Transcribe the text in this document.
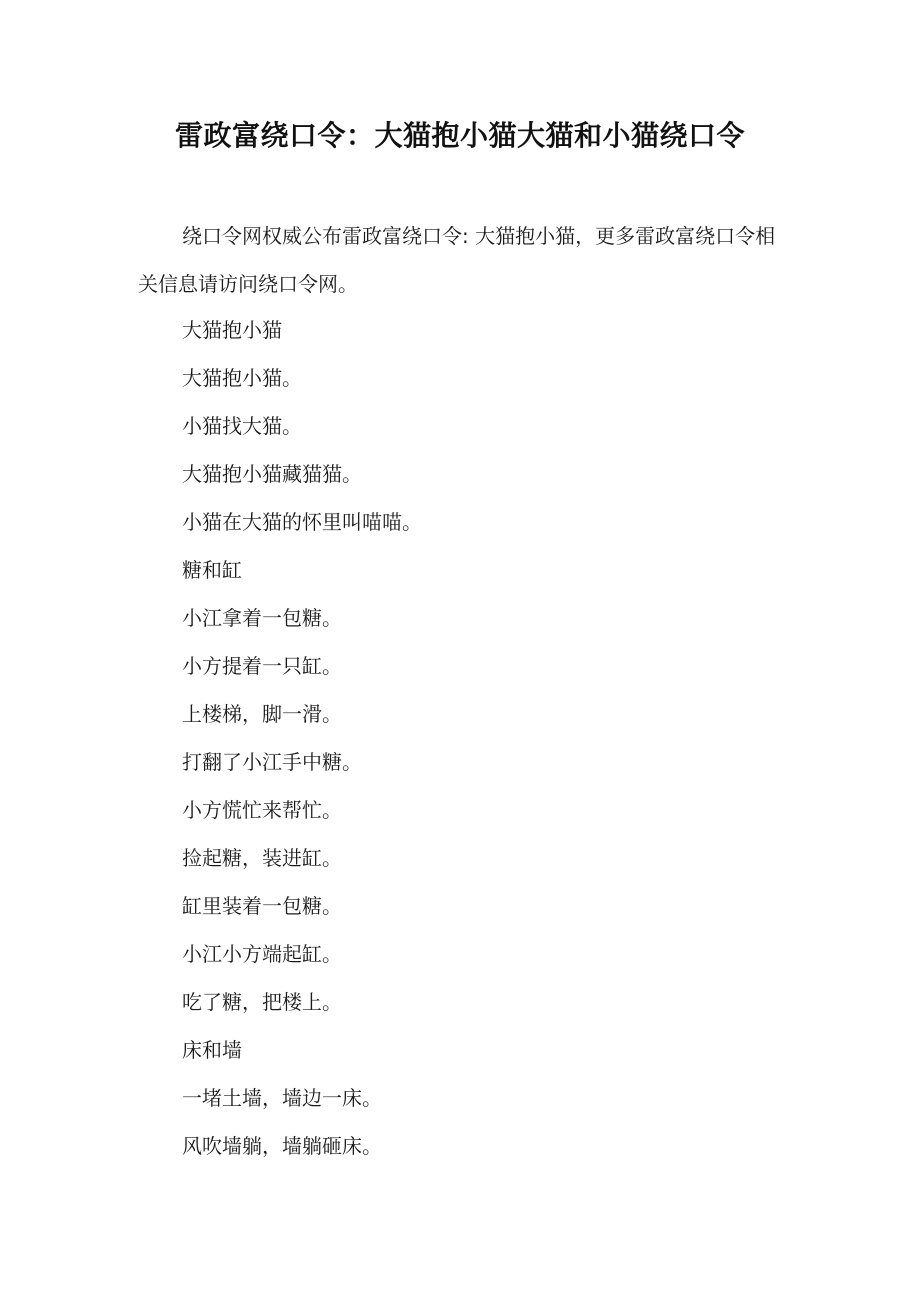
雷政富绕口令：大猫抱小猫大猫和小猫绕口令

绕口令网权威公布雷政富绕口令: 大猫抱小猫，更多雷政富绕口令相关信息请访问绕口令网。

大猫抱小猫
大猫抱小猫。
小猫找大猫。
大猫抱小猫藏猫猫。
小猫在大猫的怀里叫喵喵。
糖和缸
小江拿着一包糖。
小方提着一只缸。
上楼梯，脚一滑。
打翻了小江手中糖。
小方慌忙来帮忙。
捡起糖，装进缸。
缸里装着一包糖。
小江小方端起缸。
吃了糖，把楼上。
床和墙
一堵土墙，墙边一床。
风吹墙躺，墙躺砸床。
